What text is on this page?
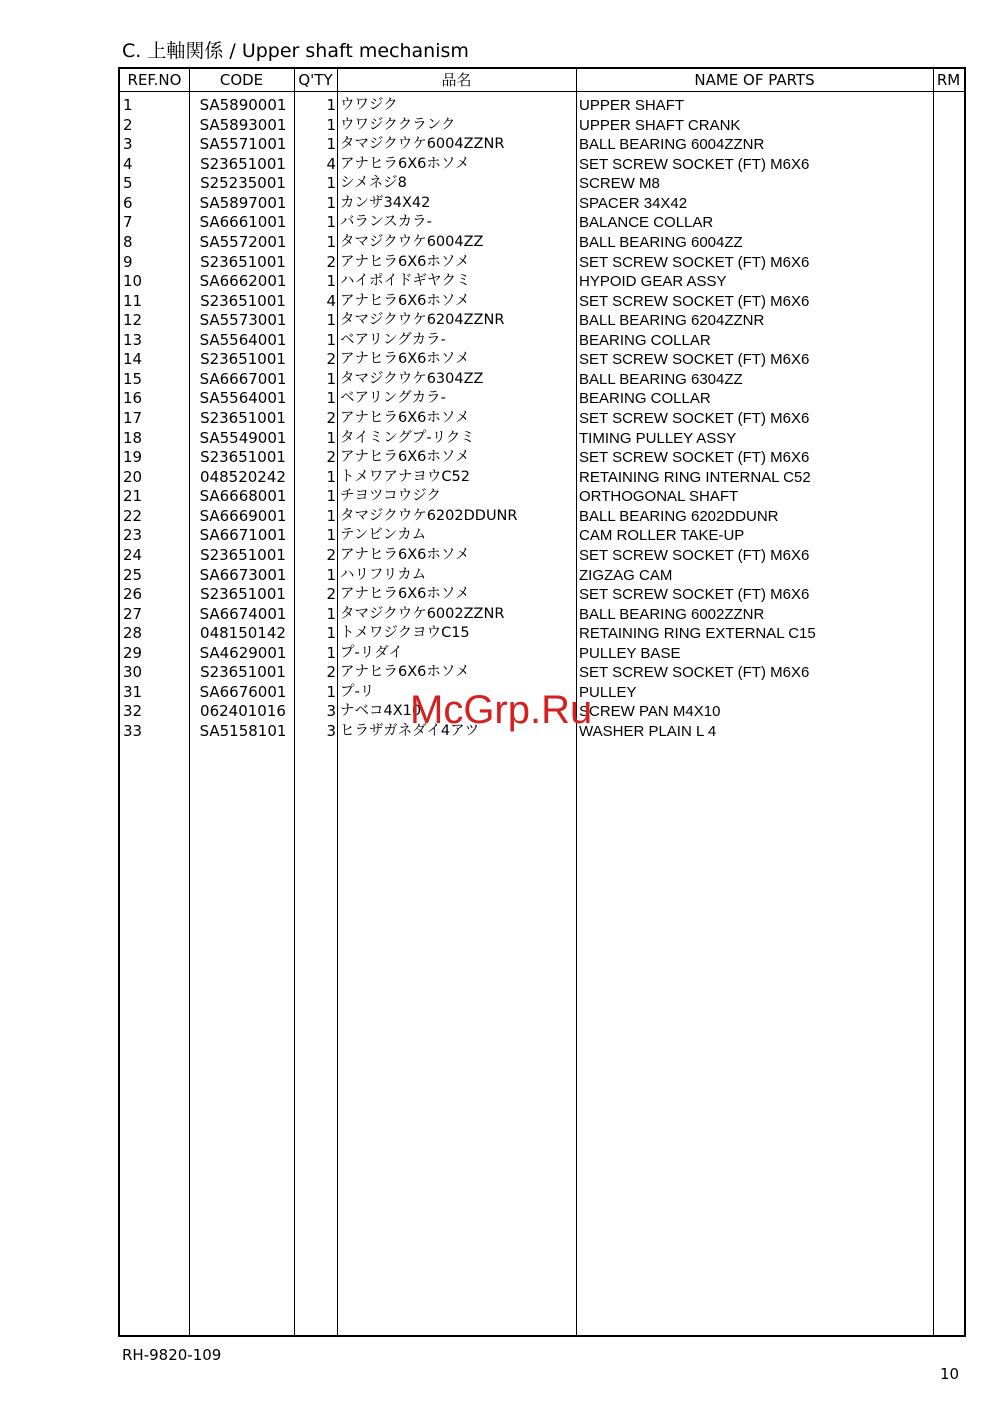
C. 上軸関係 / Upper shaft mechanism
REF.NO	CODE	Q'TY	品名	NAME OF PARTS	RM
1	SA5890001	1 ウワジク	UPPER SHAFT
2	SA5893001	1 ウワジククランク	UPPER SHAFT CRANK
3	SA5571001	1 タマジクウケ6004ZZNR	BALL BEARING 6004ZZNR
4	S23651001	4 アナヒラ6X6ホソメ	SET SCREW SOCKET (FT) M6X6
5	S25235001	1 シメネジ8	SCREW M8
6	SA5897001	1 カンザ34X42	SPACER 34X42
7	SA6661001	1 バランスカラ-	BALANCE COLLAR
8	SA5572001	1 タマジクウケ6004ZZ	BALL BEARING 6004ZZ
9	S23651001	2 アナヒラ6X6ホソメ	SET SCREW SOCKET (FT) M6X6
10	SA6662001	1 ハイポイドギヤクミ	HYPOID GEAR ASSY
11	S23651001	4 アナヒラ6X6ホソメ	SET SCREW SOCKET (FT) M6X6
12	SA5573001	1 タマジクウケ6204ZZNR	BALL BEARING 6204ZZNR
13	SA5564001	1 ベアリングカラ-	BEARING COLLAR
14	S23651001	2 アナヒラ6X6ホソメ	SET SCREW SOCKET (FT) M6X6
15	SA6667001	1 タマジクウケ6304ZZ	BALL BEARING 6304ZZ
16	SA5564001	1 ベアリングカラ-	BEARING COLLAR
17	S23651001	2 アナヒラ6X6ホソメ	SET SCREW SOCKET (FT) M6X6
18	SA5549001	1 タイミングプ-リクミ	TIMING PULLEY ASSY
19	S23651001	2 アナヒラ6X6ホソメ	SET SCREW SOCKET (FT) M6X6
20	048520242	1 トメワアナヨウC52	RETAINING RING INTERNAL C52
21	SA6668001	1 チヨツコウジク	ORTHOGONAL SHAFT
22	SA6669001	1 タマジクウケ6202DDUNR	BALL BEARING 6202DDUNR
23	SA6671001	1 テンビンカム	CAM ROLLER TAKE-UP
24	S23651001	2 アナヒラ6X6ホソメ	SET SCREW SOCKET (FT) M6X6
25	SA6673001	1 ハリフリカム	ZIGZAG CAM
26	S23651001	2 アナヒラ6X6ホソメ	SET SCREW SOCKET (FT) M6X6
27	SA6674001	1 タマジクウケ6002ZZNR	BALL BEARING 6002ZZNR
28	048150142	1 トメワジクヨウC15	RETAINING RING EXTERNAL C15
29	SA4629001	1 プ-リダイ	PULLEY BASE
30	S23651001	2 アナヒラ6X6ホソメ	SET SCREW SOCKET (FT) M6X6
31	SA6676001	1 プ-リ	PULLEY
32	062401016	3 ナベコ4X10	SCREW PAN M4X10
33	SA5158101	3 ヒラザガネダイ4アツ	WASHER PLAIN L 4
RH-9820-109
10
McGrp.Ru
